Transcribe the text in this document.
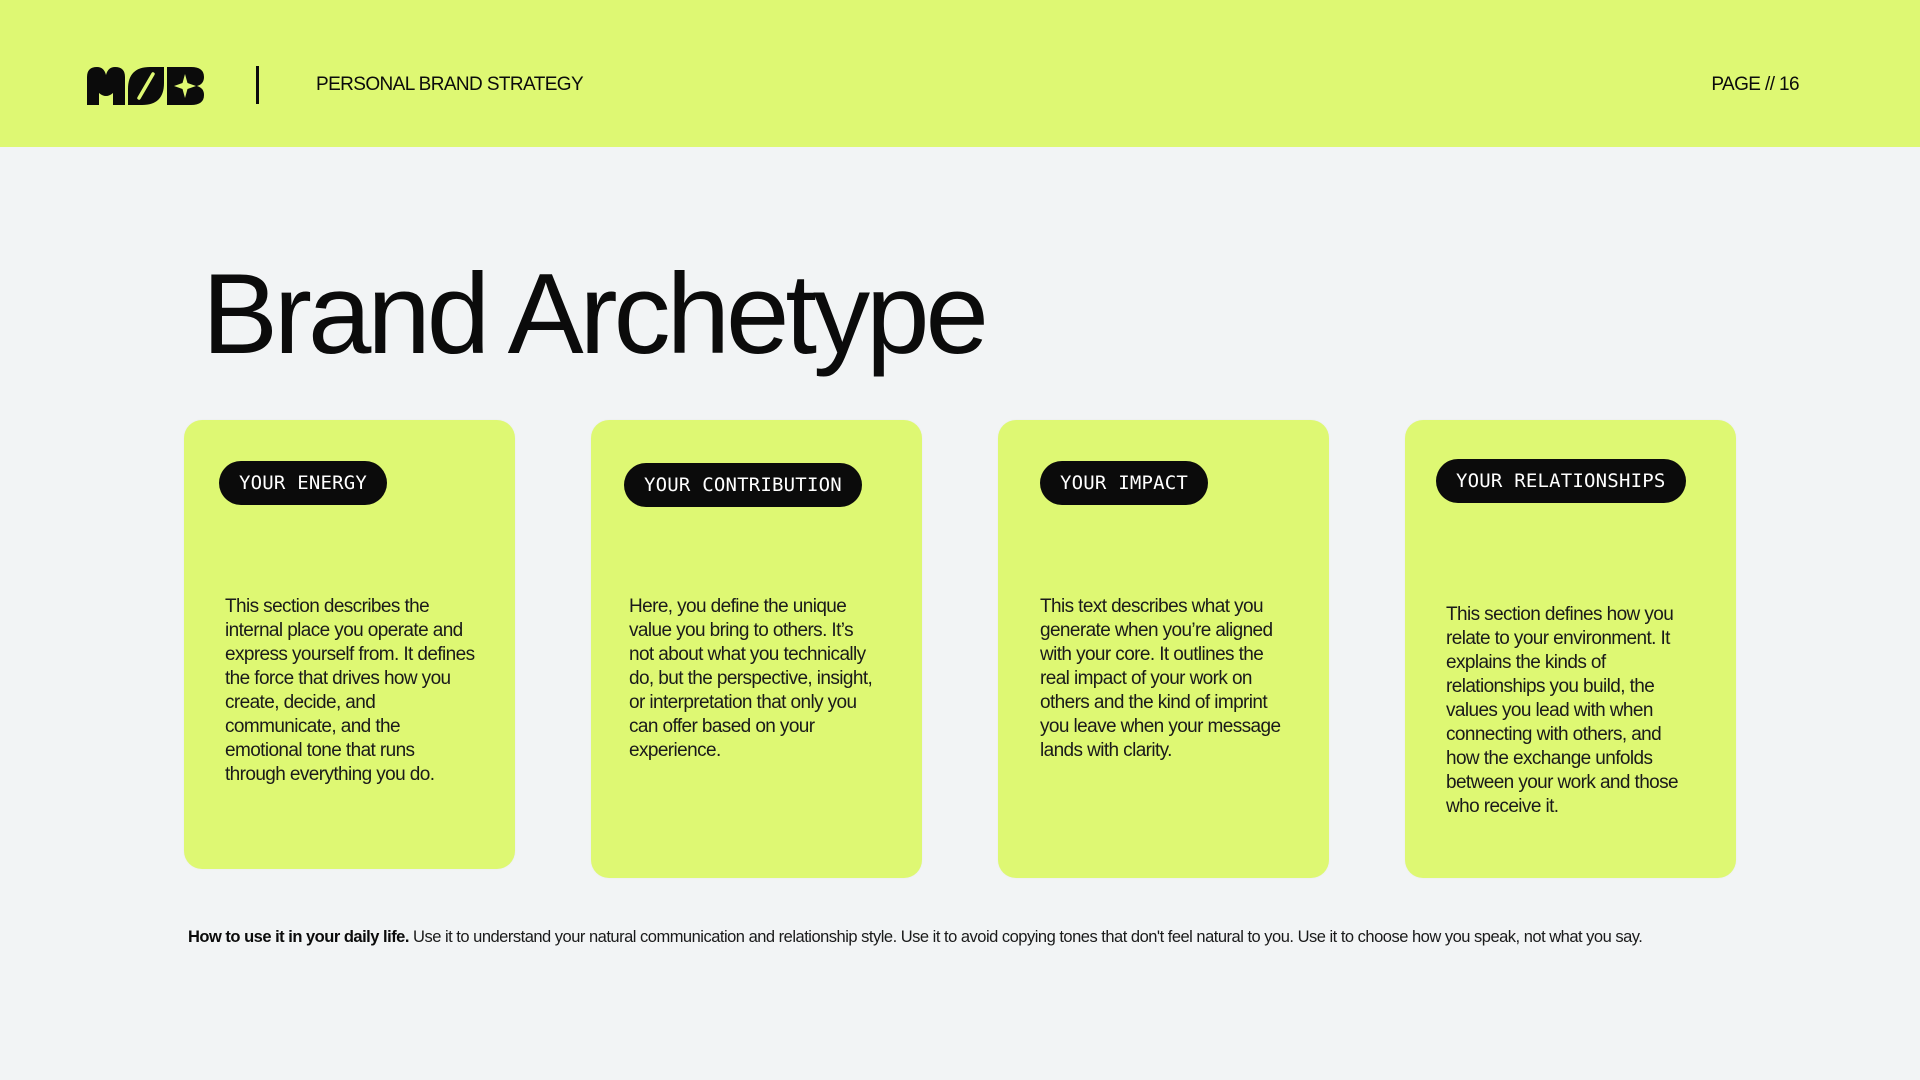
PERSONAL BRAND STRATEGY	PAGE // 16
Brand Archetype
YOUR ENERGY

This section describes the internal place you operate and express yourself from. It defines the force that drives how you create, decide, and communicate, and the emotional tone that runs through everything you do.

YOUR CONTRIBUTION

Here, you define the unique value you bring to others. It’s not about what you technically do, but the perspective, insight, or interpretation that only you can offer based on your experience.

YOUR IMPACT

This text describes what you generate when you’re aligned with your core. It outlines the real impact of your work on others and the kind of imprint you leave when your message lands with clarity.

YOUR RELATIONSHIPS

This section defines how you relate to your environment. It explains the kinds of relationships you build, the values you lead with when connecting with others, and how the exchange unfolds between your work and those who receive it.

How to use it in your daily life. Use it to understand your natural communication and relationship style. Use it to avoid copying tones that don't feel natural to you. Use it to choose how you speak, not what you say.
